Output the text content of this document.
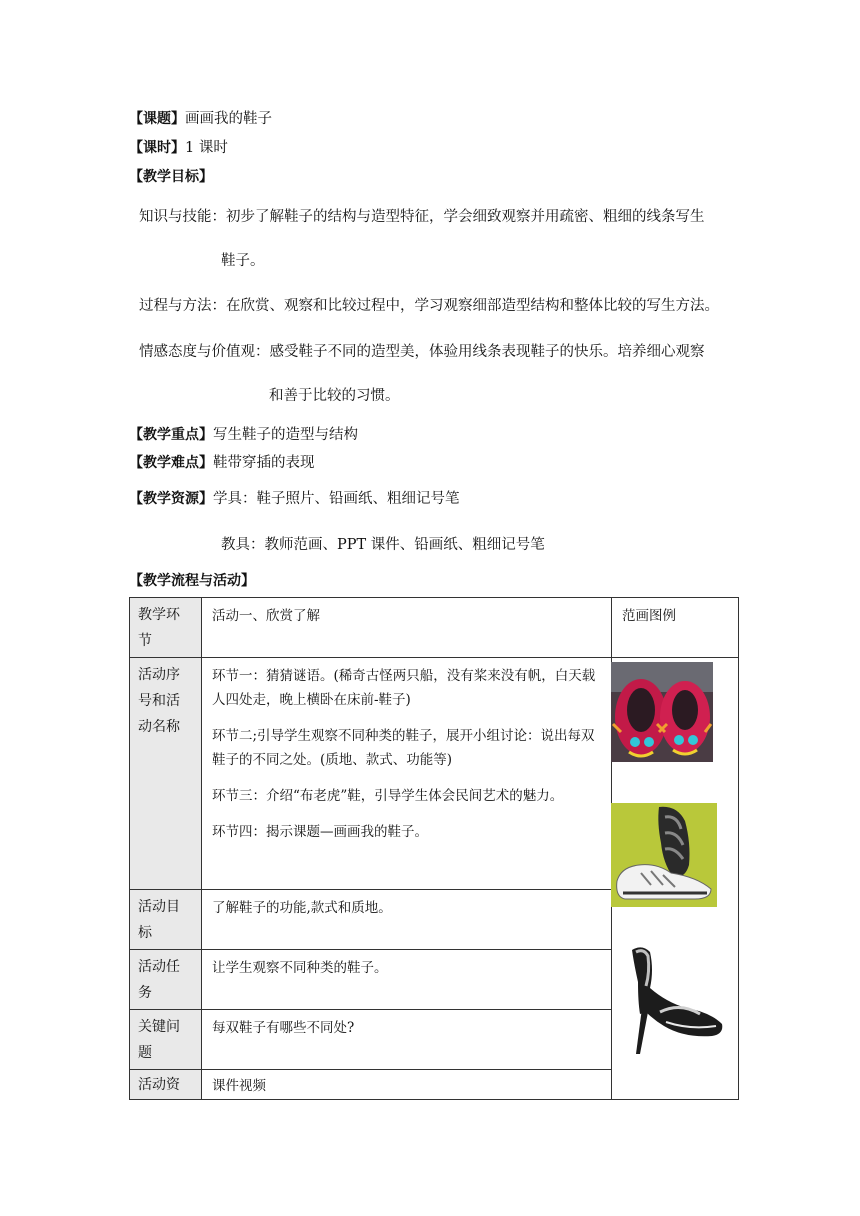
【课题】画画我的鞋子
【课时】1 课时
【教学目标】
知识与技能：初步了解鞋子的结构与造型特征，学会细致观察并用疏密、粗细的线条写生
鞋子。
过程与方法：在欣赏、观察和比较过程中，学习观察细部造型结构和整体比较的写生方法。
情感态度与价值观：感受鞋子不同的造型美，体验用线条表现鞋子的快乐。培养细心观察
和善于比较的习惯。
【教学重点】写生鞋子的造型与结构
【教学难点】鞋带穿插的表现
【教学资源】学具：鞋子照片、铅画纸、粗细记号笔
教具：教师范画、PPT 课件、铅画纸、粗细记号笔
【教学流程与活动】
教学环节	活动一、欣赏了解	范画图例
活动序号和活动名称	环节一：猜猜谜语。(稀奇古怪两只船，没有桨来没有帆，白天载人四处走，晚上横卧在床前-鞋子)

环节二;引导学生观察不同种类的鞋子，展开小组讨论：说出每双鞋子的不同之处。(质地、款式、功能等)

环节三：介绍“布老虎”鞋，引导学生体会民间艺术的魅力。

环节四：揭示课题—画画我的鞋子。

活动目标	了解鞋子的功能,款式和质地。	
活动任务	让学生观察不同种类的鞋子。	
关键问题	每双鞋子有哪些不同处?	
活动资	课件视频	
